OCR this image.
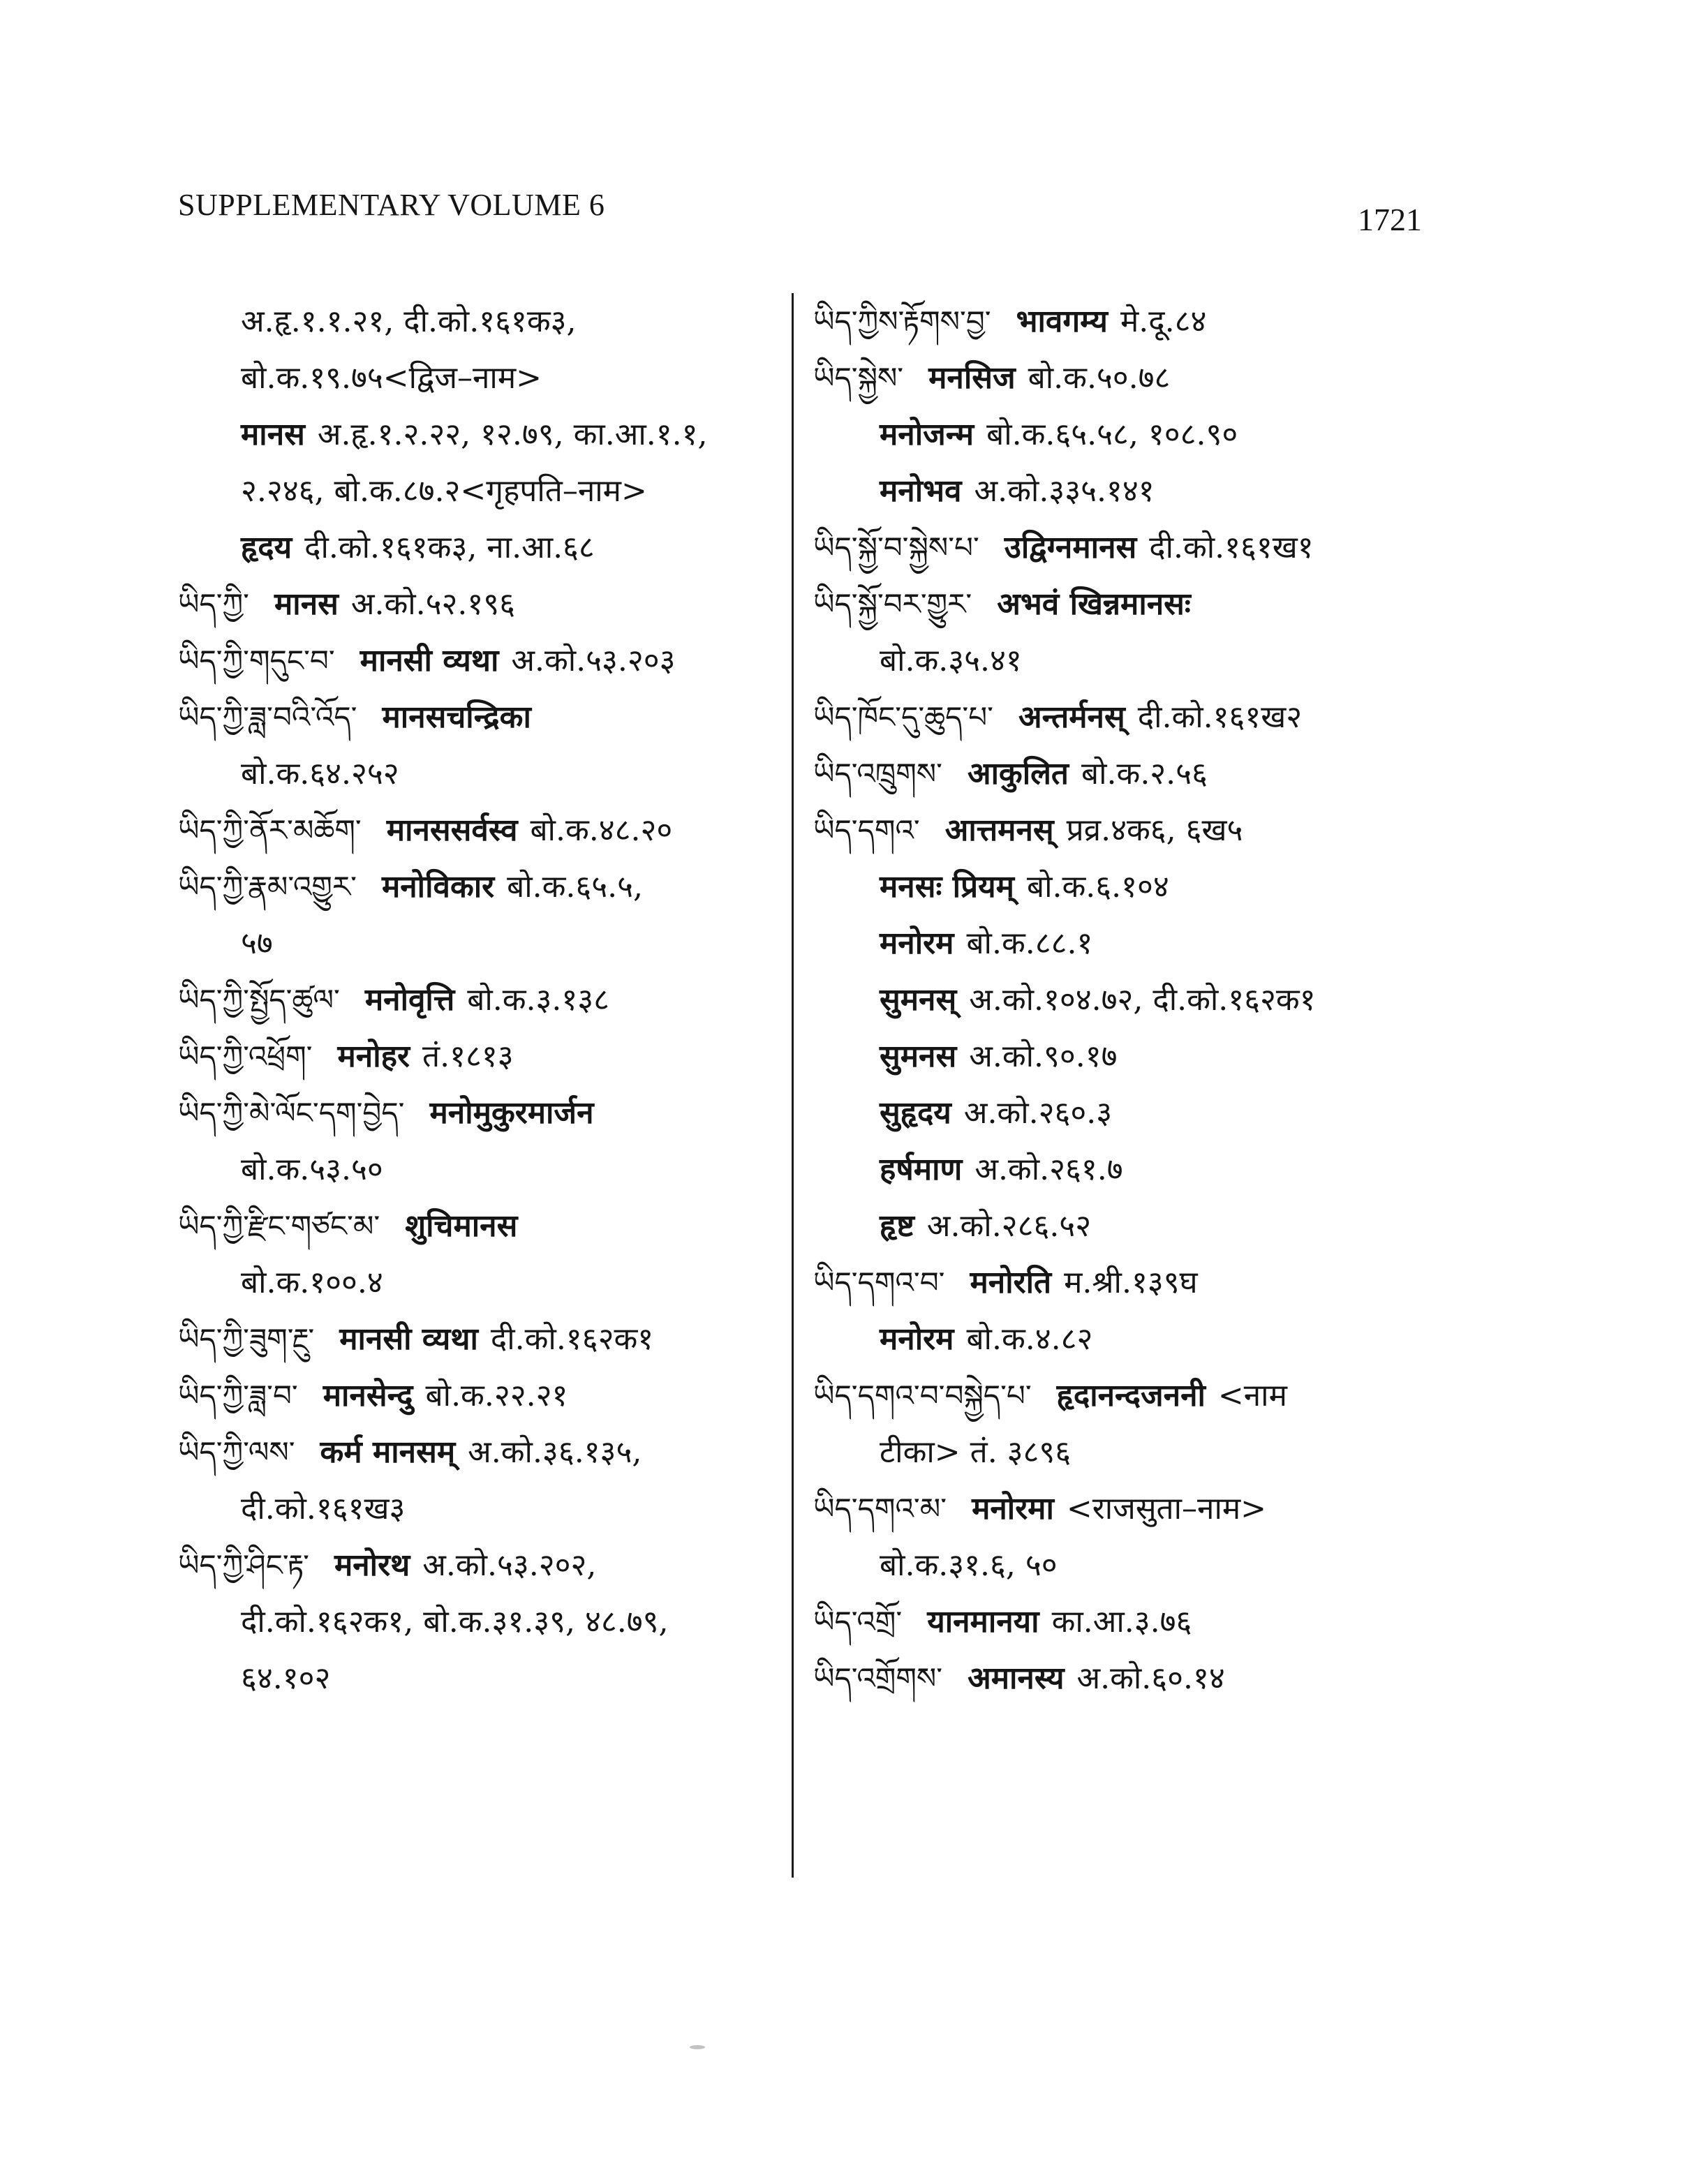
SUPPLEMENTARY VOLUME 6	1721
अ.हृ.१.१.२१, दी.को.१६१क३,
बो.क.१९.७५<द्विज–नाम>
मानस अ.हृ.१.२.२२, १२.७९, का.आ.१.१,
२.२४६, बो.क.८७.२<गृहपति–नाम>
हृदय दी.को.१६१क३, ना.आ.६८
ཡིད་ཀྱི་ मानस अ.को.५२.१९६
ཡིད་ཀྱི་གདུང་བ་ मानसी व्यथा अ.को.५३.२०३
ཡིད་ཀྱི་ཟླ་བའི་འོད་ मानसचन्द्रिका
बो.क.६४.२५२
ཡིད་ཀྱི་ནོར་མཆོག་ मानससर्वस्व बो.क.४८.२०
ཡིད་ཀྱི་རྣམ་འགྱུར་ मनोविकार बो.क.६५.५,
५७
ཡིད་ཀྱི་སྤྱོད་ཚུལ་ मनोवृत्ति बो.क.३.१३८
ཡིད་ཀྱི་འཕྲོག་ मनोहर तं.१८१३
ཡིད་ཀྱི་མེ་ལོང་དག་བྱེད་ मनोमुकुरमार्जन
बो.क.५३.५०
ཡིད་ཀྱི་རྫིང་གཙང་མ་ शुचिमानस
बो.क.१००.४
ཡིད་ཀྱི་ཟུག་རྔུ་ मानसी व्यथा दी.को.१६२क१
ཡིད་ཀྱི་ཟླ་བ་ मानसेन्दु बो.क.२२.२१
ཡིད་ཀྱི་ལས་ कर्म मानसम् अ.को.३६.१३५,
दी.को.१६१ख३
ཡིད་ཀྱི་ཤིང་རྟ་ मनोरथ अ.को.५३.२०२,
दी.को.१६२क१, बो.क.३१.३९, ४८.७९,
६४.१०२
ཡིད་ཀྱིས་རྟོགས་བྱ་ भावगम्य मे.दू.८४
ཡིད་སྐྱེས་ मनसिज बो.क.५०.७८
मनोजन्म बो.क.६५.५८, १०८.९०
मनोभव अ.को.३३५.१४१
ཡིད་སྐྱོ་བ་སྐྱེས་པ་ उद्विग्नमानस दी.को.१६१ख१
ཡིད་སྐྱོ་བར་གྱུར་ अभवं खिन्नमानसः
बो.क.३५.४१
ཡིད་ཁོང་དུ་ཆུད་པ་ अन्तर्मनस् दी.को.१६१ख२
ཡིད་འཁྲུགས་ आकुलित बो.क.२.५६
ཡིད་དགའ་ आत्तमनस् प्रव्र.४क६, ६ख५
मनसः प्रियम् बो.क.६.१०४
मनोरम बो.क.८८.१
सुमनस् अ.को.१०४.७२, दी.को.१६२क१
सुमनस अ.को.९०.१७
सुहृदय अ.को.२६०.३
हर्षमाण अ.को.२६१.७
हृष्ट अ.को.२८६.५२
ཡིད་དགའ་བ་ मनोरति म.श्री.१३९घ
मनोरम बो.क.४.८२
ཡིད་དགའ་བ་བསྐྱེད་པ་ हृदानन्दजननी <नाम
टीका> तं. ३८९६
ཡིད་དགའ་མ་ मनोरमा <राजसुता–नाम>
बो.क.३१.६, ५०
ཡིད་འགྲོ་ यानमानया का.आ.३.७६
ཡིད་འགྲོགས་ अमानस्य अ.को.६०.१४
